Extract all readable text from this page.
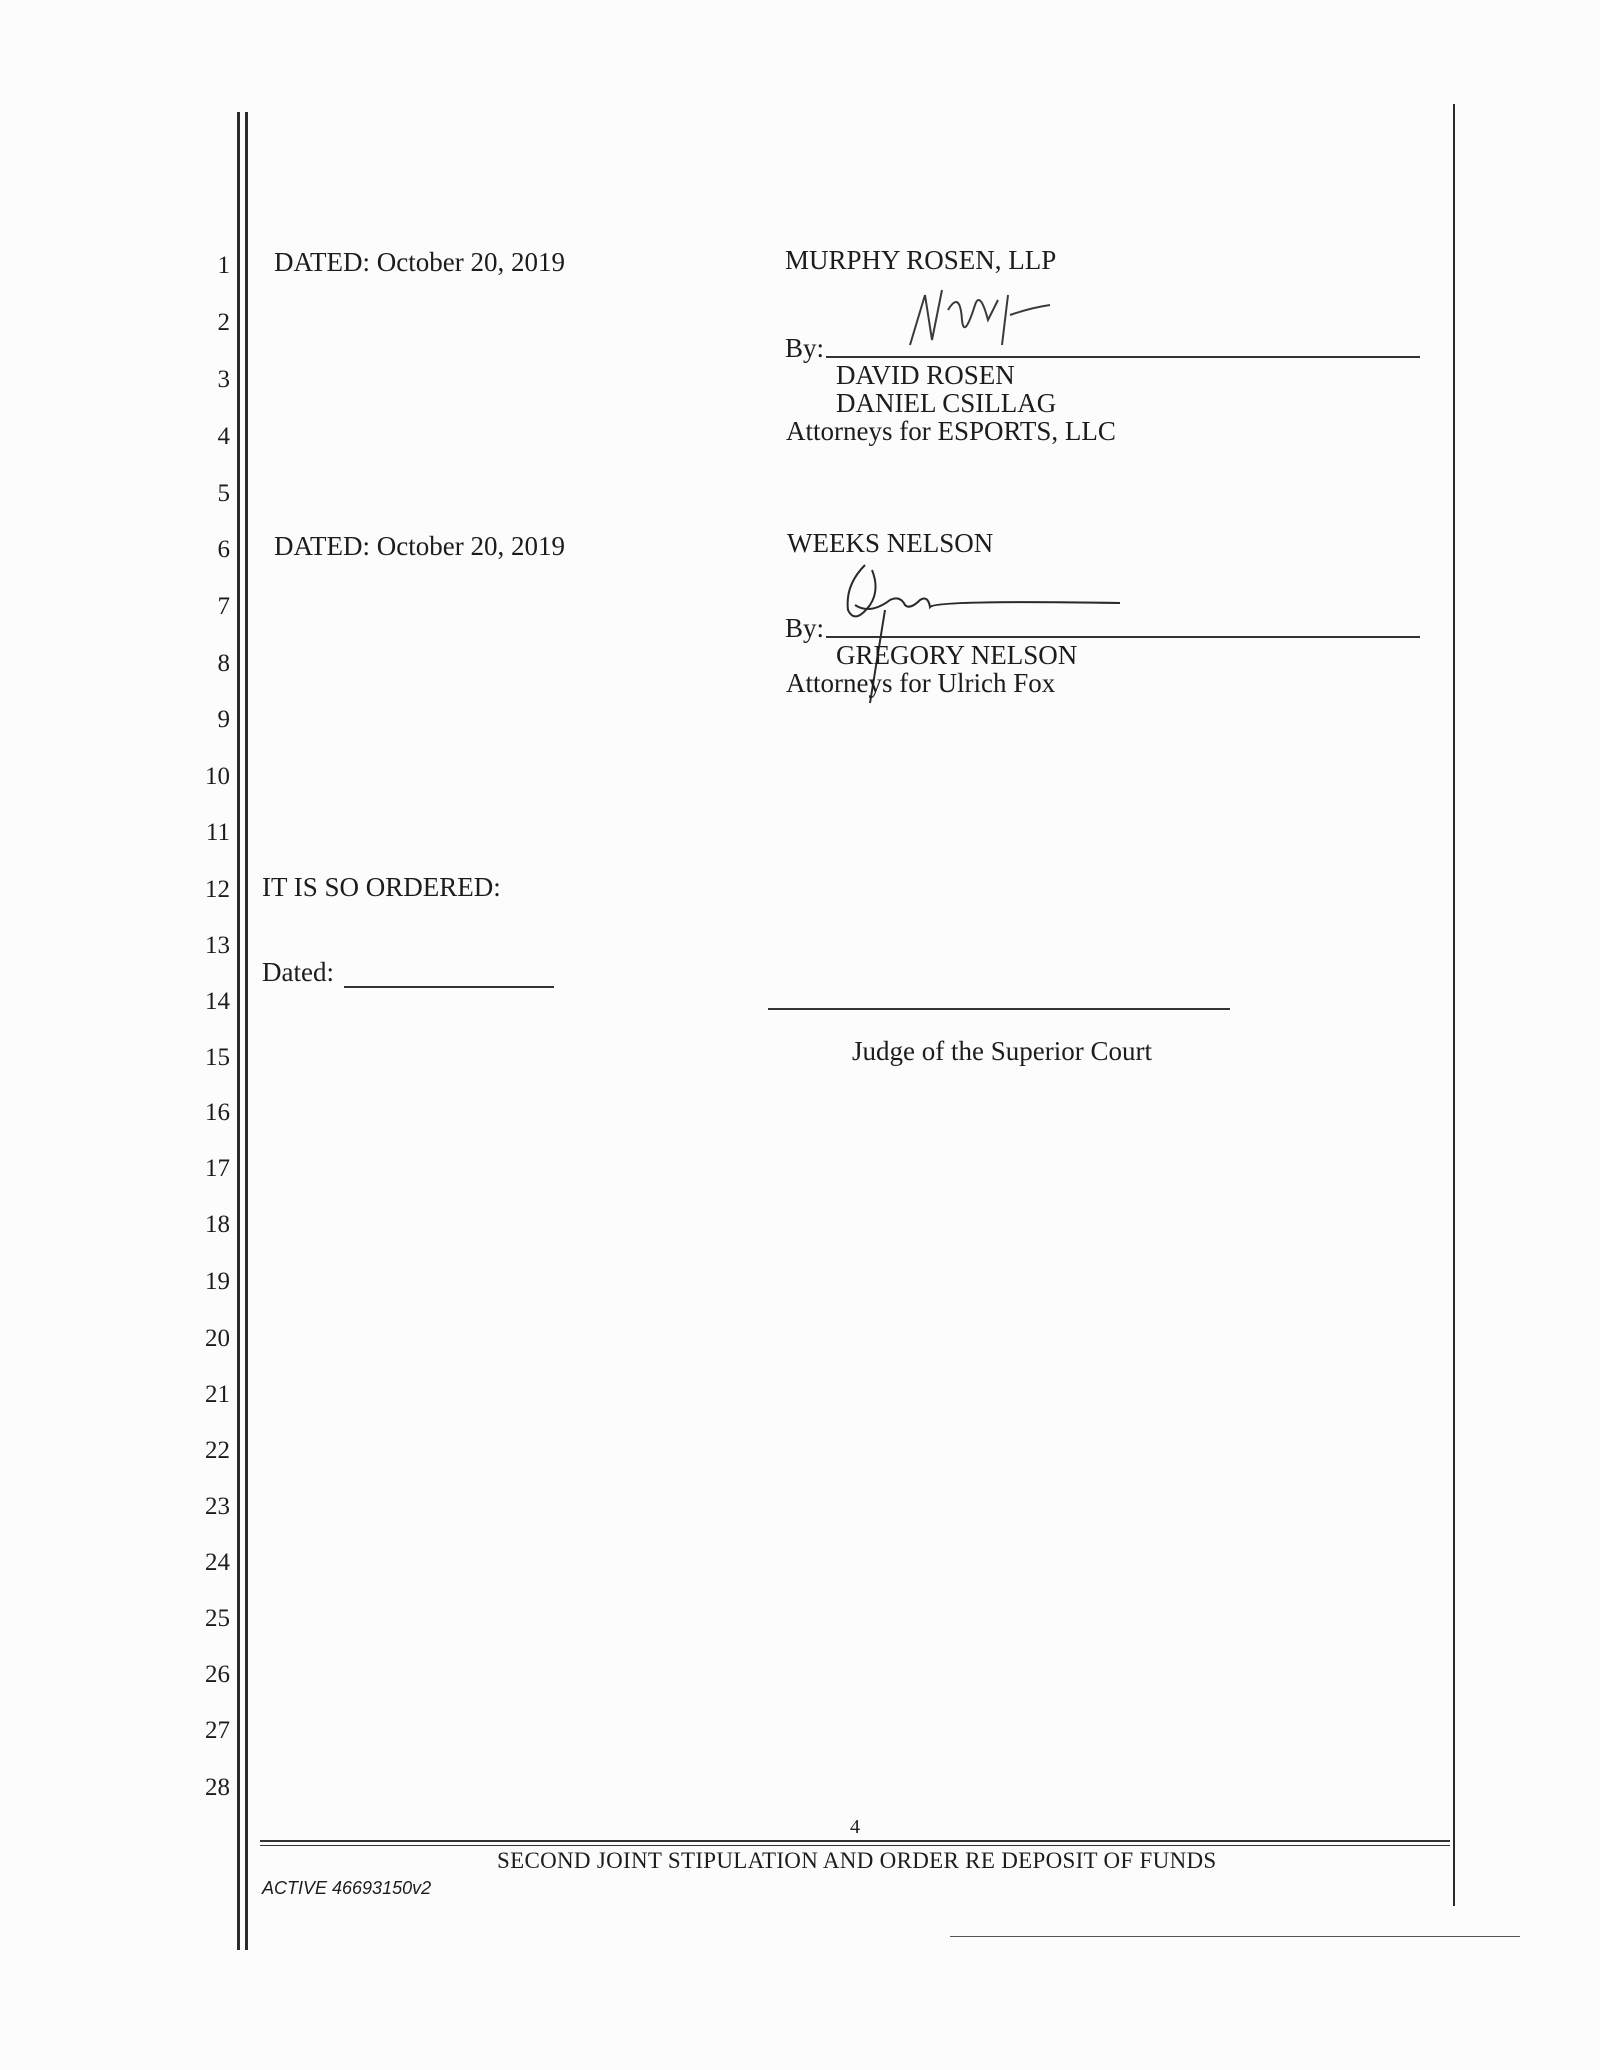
1
2
3
4
5
6
7
8
9
10
11
12
13
14
15
16
17
18
19
20
21
22
23
24
25
26
27
28
DATED: October 20, 2019	MURPHY ROSEN, LLP
By:
DAVID ROSEN
DANIEL CSILLAG
Attorneys for ESPORTS, LLC
DATED: October 20, 2019	WEEKS NELSON
By:
GREGORY NELSON
Attorneys for Ulrich Fox
IT IS SO ORDERED:
Dated:
Judge of the Superior Court
4
SECOND JOINT STIPULATION AND ORDER RE DEPOSIT OF FUNDS
ACTIVE 46693150v2
